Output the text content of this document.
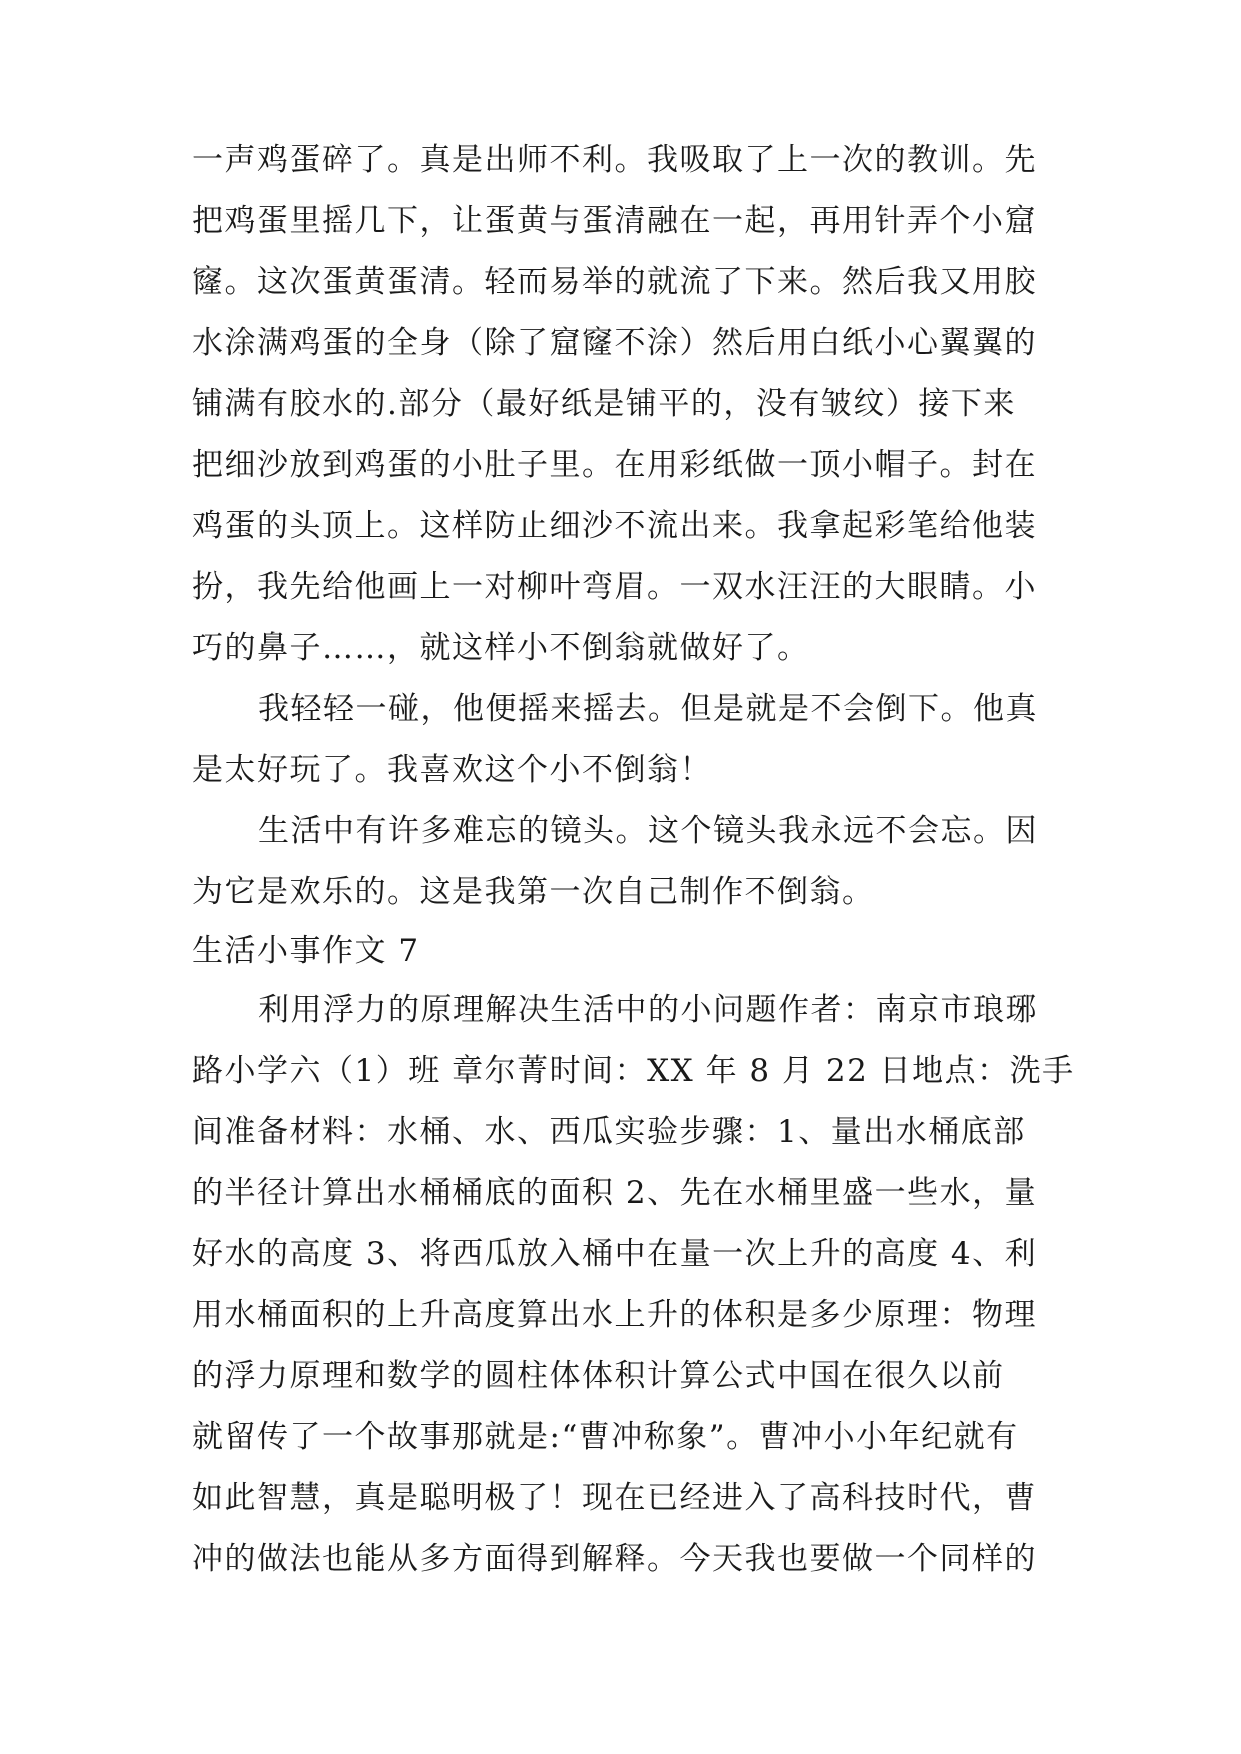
一声鸡蛋碎了。真是出师不利。我吸取了上一次的教训。先
把鸡蛋里摇几下，让蛋黄与蛋清融在一起，再用针弄个小窟
窿。这次蛋黄蛋清。轻而易举的就流了下来。然后我又用胶
水涂满鸡蛋的全身（除了窟窿不涂）然后用白纸小心翼翼的
铺满有胶水的.部分（最好纸是铺平的，没有皱纹）接下来
把细沙放到鸡蛋的小肚子里。在用彩纸做一顶小帽子。封在
鸡蛋的头顶上。这样防止细沙不流出来。我拿起彩笔给他装
扮，我先给他画上一对柳叶弯眉。一双水汪汪的大眼睛。小
巧的鼻子……，就这样小不倒翁就做好了。
我轻轻一碰，他便摇来摇去。但是就是不会倒下。他真
是太好玩了。我喜欢这个小不倒翁！
生活中有许多难忘的镜头。这个镜头我永远不会忘。因
为它是欢乐的。这是我第一次自己制作不倒翁。
生活小事作文 7
利用浮力的原理解决生活中的小问题作者：南京市琅琊
路小学六（1）班 章尔菁时间：XX 年 8 月 22 日地点：洗手
间准备材料：水桶、水、西瓜实验步骤：1、量出水桶底部
的半径计算出水桶桶底的面积 2、先在水桶里盛一些水，量
好水的高度 3、将西瓜放入桶中在量一次上升的高度 4、利
用水桶面积的上升高度算出水上升的体积是多少原理：物理
的浮力原理和数学的圆柱体体积计算公式中国在很久以前
就留传了一个故事那就是:“曹冲称象”。曹冲小小年纪就有
如此智慧，真是聪明极了！现在已经进入了高科技时代，曹
冲的做法也能从多方面得到解释。今天我也要做一个同样的
